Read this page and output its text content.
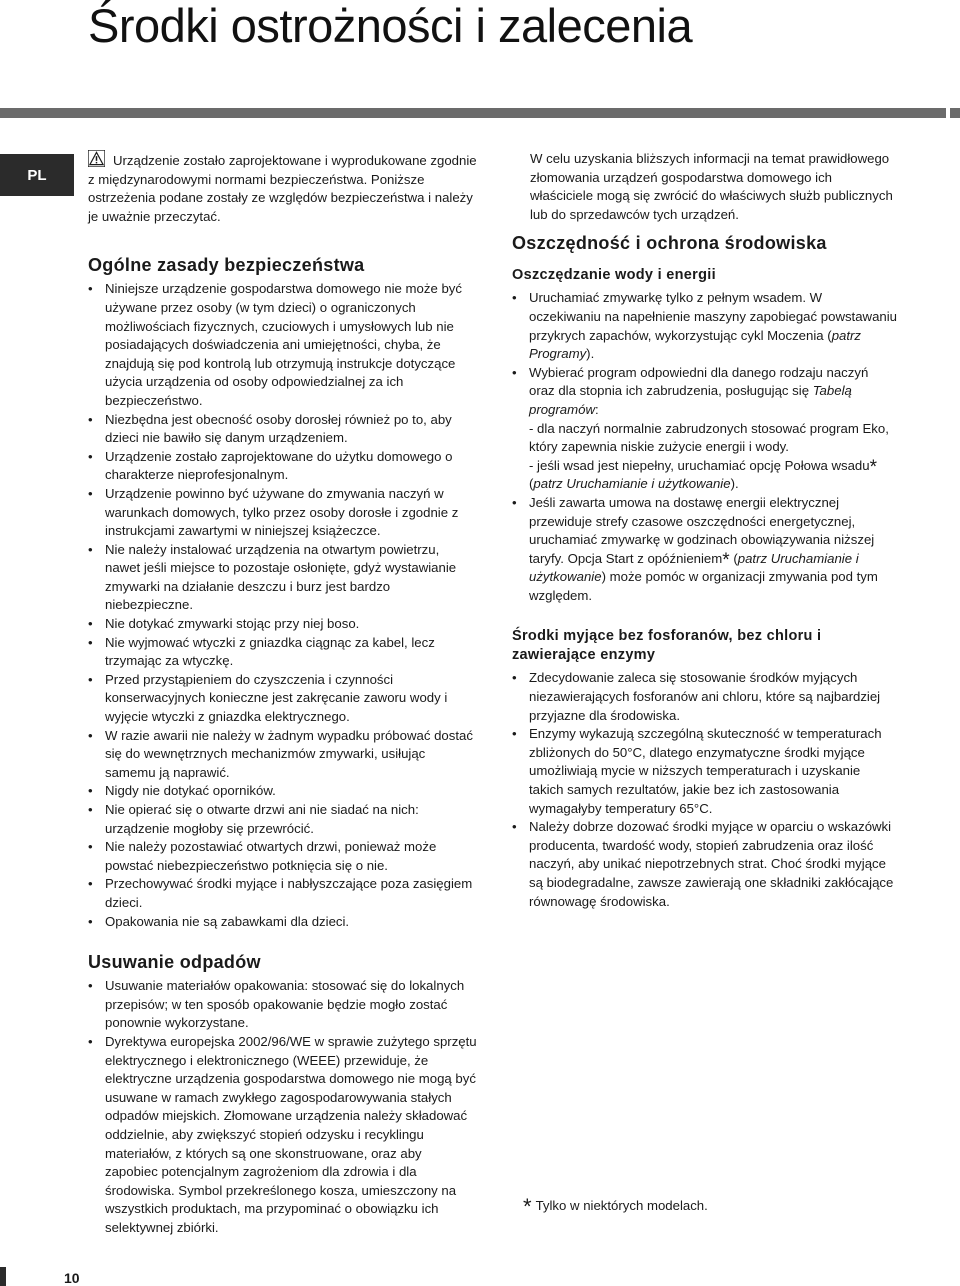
Środki ostrożności i zalecenia
PL

Urządzenie zostało zaprojektowane i wyprodukowane zgodnie z międzynarodowymi normami bezpieczeństwa. Poniższe ostrzeżenia podane zostały ze względów bezpieczeństwa i należy je uważnie przeczytać.

Ogólne zasady bezpieczeństwa
• Niniejsze urządzenie gospodarstwa domowego nie może być używane przez osoby (w tym dzieci) o ograniczonych możliwościach fizycznych, czuciowych i umysłowych lub nie posiadających doświadczenia ani umiejętności, chyba, że znajdują się pod kontrolą lub otrzymują instrukcje dotyczące użycia urządzenia od osoby odpowiedzialnej za ich bezpieczeństwo.
• Niezbędna jest obecność osoby dorosłej również po to, aby dzieci nie bawiło się danym urządzeniem.
• Urządzenie zostało zaprojektowane do użytku domowego o charakterze nieprofesjonalnym.
• Urządzenie powinno być używane do zmywania naczyń w warunkach domowych, tylko przez osoby dorosłe i zgodnie z instrukcjami zawartymi w niniejszej książeczce.
• Nie należy instalować urządzenia na otwartym powietrzu, nawet jeśli miejsce to pozostaje osłonięte, gdyż wystawianie zmywarki na działanie deszczu i burz jest bardzo niebezpieczne.
• Nie dotykać zmywarki stojąc przy niej boso.
• Nie wyjmować wtyczki z gniazdka ciągnąc za kabel, lecz trzymając za wtyczkę.
• Przed przystąpieniem do czyszczenia i czynności konserwacyjnych konieczne jest zakręcanie zaworu wody i wyjęcie wtyczki z gniazdka elektrycznego.
• W razie awarii nie należy w żadnym wypadku próbować dostać się do wewnętrznych mechanizmów zmywarki, usiłując samemu ją naprawić.
• Nigdy nie dotykać oporników.
• Nie opierać się o otwarte drzwi ani nie siadać na nich: urządzenie mogłoby się przewrócić.
• Nie należy pozostawiać otwartych drzwi, ponieważ może powstać niebezpieczeństwo potknięcia się o nie.
• Przechowywać środki myjące i nabłyszczające poza zasięgiem dzieci.
• Opakowania nie są zabawkami dla dzieci.
Usuwanie odpadów
• Usuwanie materiałów opakowania: stosować się do lokalnych przepisów; w ten sposób opakowanie będzie mogło zostać ponownie wykorzystane.
• Dyrektywa europejska 2002/96/WE w sprawie zużytego sprzętu elektrycznego i elektronicznego (WEEE) przewiduje, że elektryczne urządzenia gospodarstwa domowego nie mogą być usuwane w ramach zwykłego zagospodarowywania stałych odpadów miejskich. Złomowane urządzenia należy składować oddzielnie, aby zwiększyć stopień odzysku i recyklingu materiałów, z których są one skonstruowane, oraz aby zapobiec potencjalnym zagrożeniom dla zdrowia i dla środowiska. Symbol przekreślonego kosza, umieszczony na wszystkich produktach, ma przypominać o obowiązku ich selektywnej zbiórki.

W celu uzyskania bliższych informacji na temat prawidłowego złomowania urządzeń gospodarstwa domowego ich właściciele mogą się zwrócić do właściwych służb publicznych lub do sprzedawców tych urządzeń.

Oszczędność i ochrona środowiska
Oszczędzanie wody i energii
• Uruchamiać zmywarkę tylko z pełnym wsadem. W oczekiwaniu na napełnienie maszyny zapobiegać powstawaniu przykrych zapachów, wykorzystując cykl Moczenia (patrz Programy).
• Wybierać program odpowiedni dla danego rodzaju naczyń oraz dla stopnia ich zabrudzenia, posługując się Tabelą programów:
- dla naczyń normalnie zabrudzonych stosować program Eko, który zapewnia niskie zużycie energii i wody.
- jeśli wsad jest niepełny, uruchamiać opcję Połowa wsadu* (patrz Uruchamianie i użytkowanie).
• Jeśli zawarta umowa na dostawę energii elektrycznej przewiduje strefy czasowe oszczędności energetycznej, uruchamiać zmywarkę w godzinach obowiązywania niższej taryfy. Opcja Start z opóźnieniem* (patrz Uruchamianie i użytkowanie) może pomóc w organizacji zmywania pod tym względem.
Środki myjące bez fosforanów, bez chloru i zawierające enzymy
• Zdecydowanie zaleca się stosowanie środków myjących niezawierających fosforanów ani chloru, które są najbardziej przyjazne dla środowiska.
• Enzymy wykazują szczególną skuteczność w temperaturach zbliżonych do 50°C, dlatego enzymatyczne środki myjące umożliwiają mycie w niższych temperaturach i uzyskanie takich samych rezultatów, jakie bez ich zastosowania wymagałyby temperatury 65°C.
• Należy dobrze dozować środki myjące w oparciu o wskazówki producenta, twardość wody, stopień zabrudzenia oraz ilość naczyń, aby unikać niepotrzebnych strat. Choć środki myjące są biodegradalne, zawsze zawierają one składniki zakłócające równowagę środowiska.
* Tylko w niektórych modelach.
10
